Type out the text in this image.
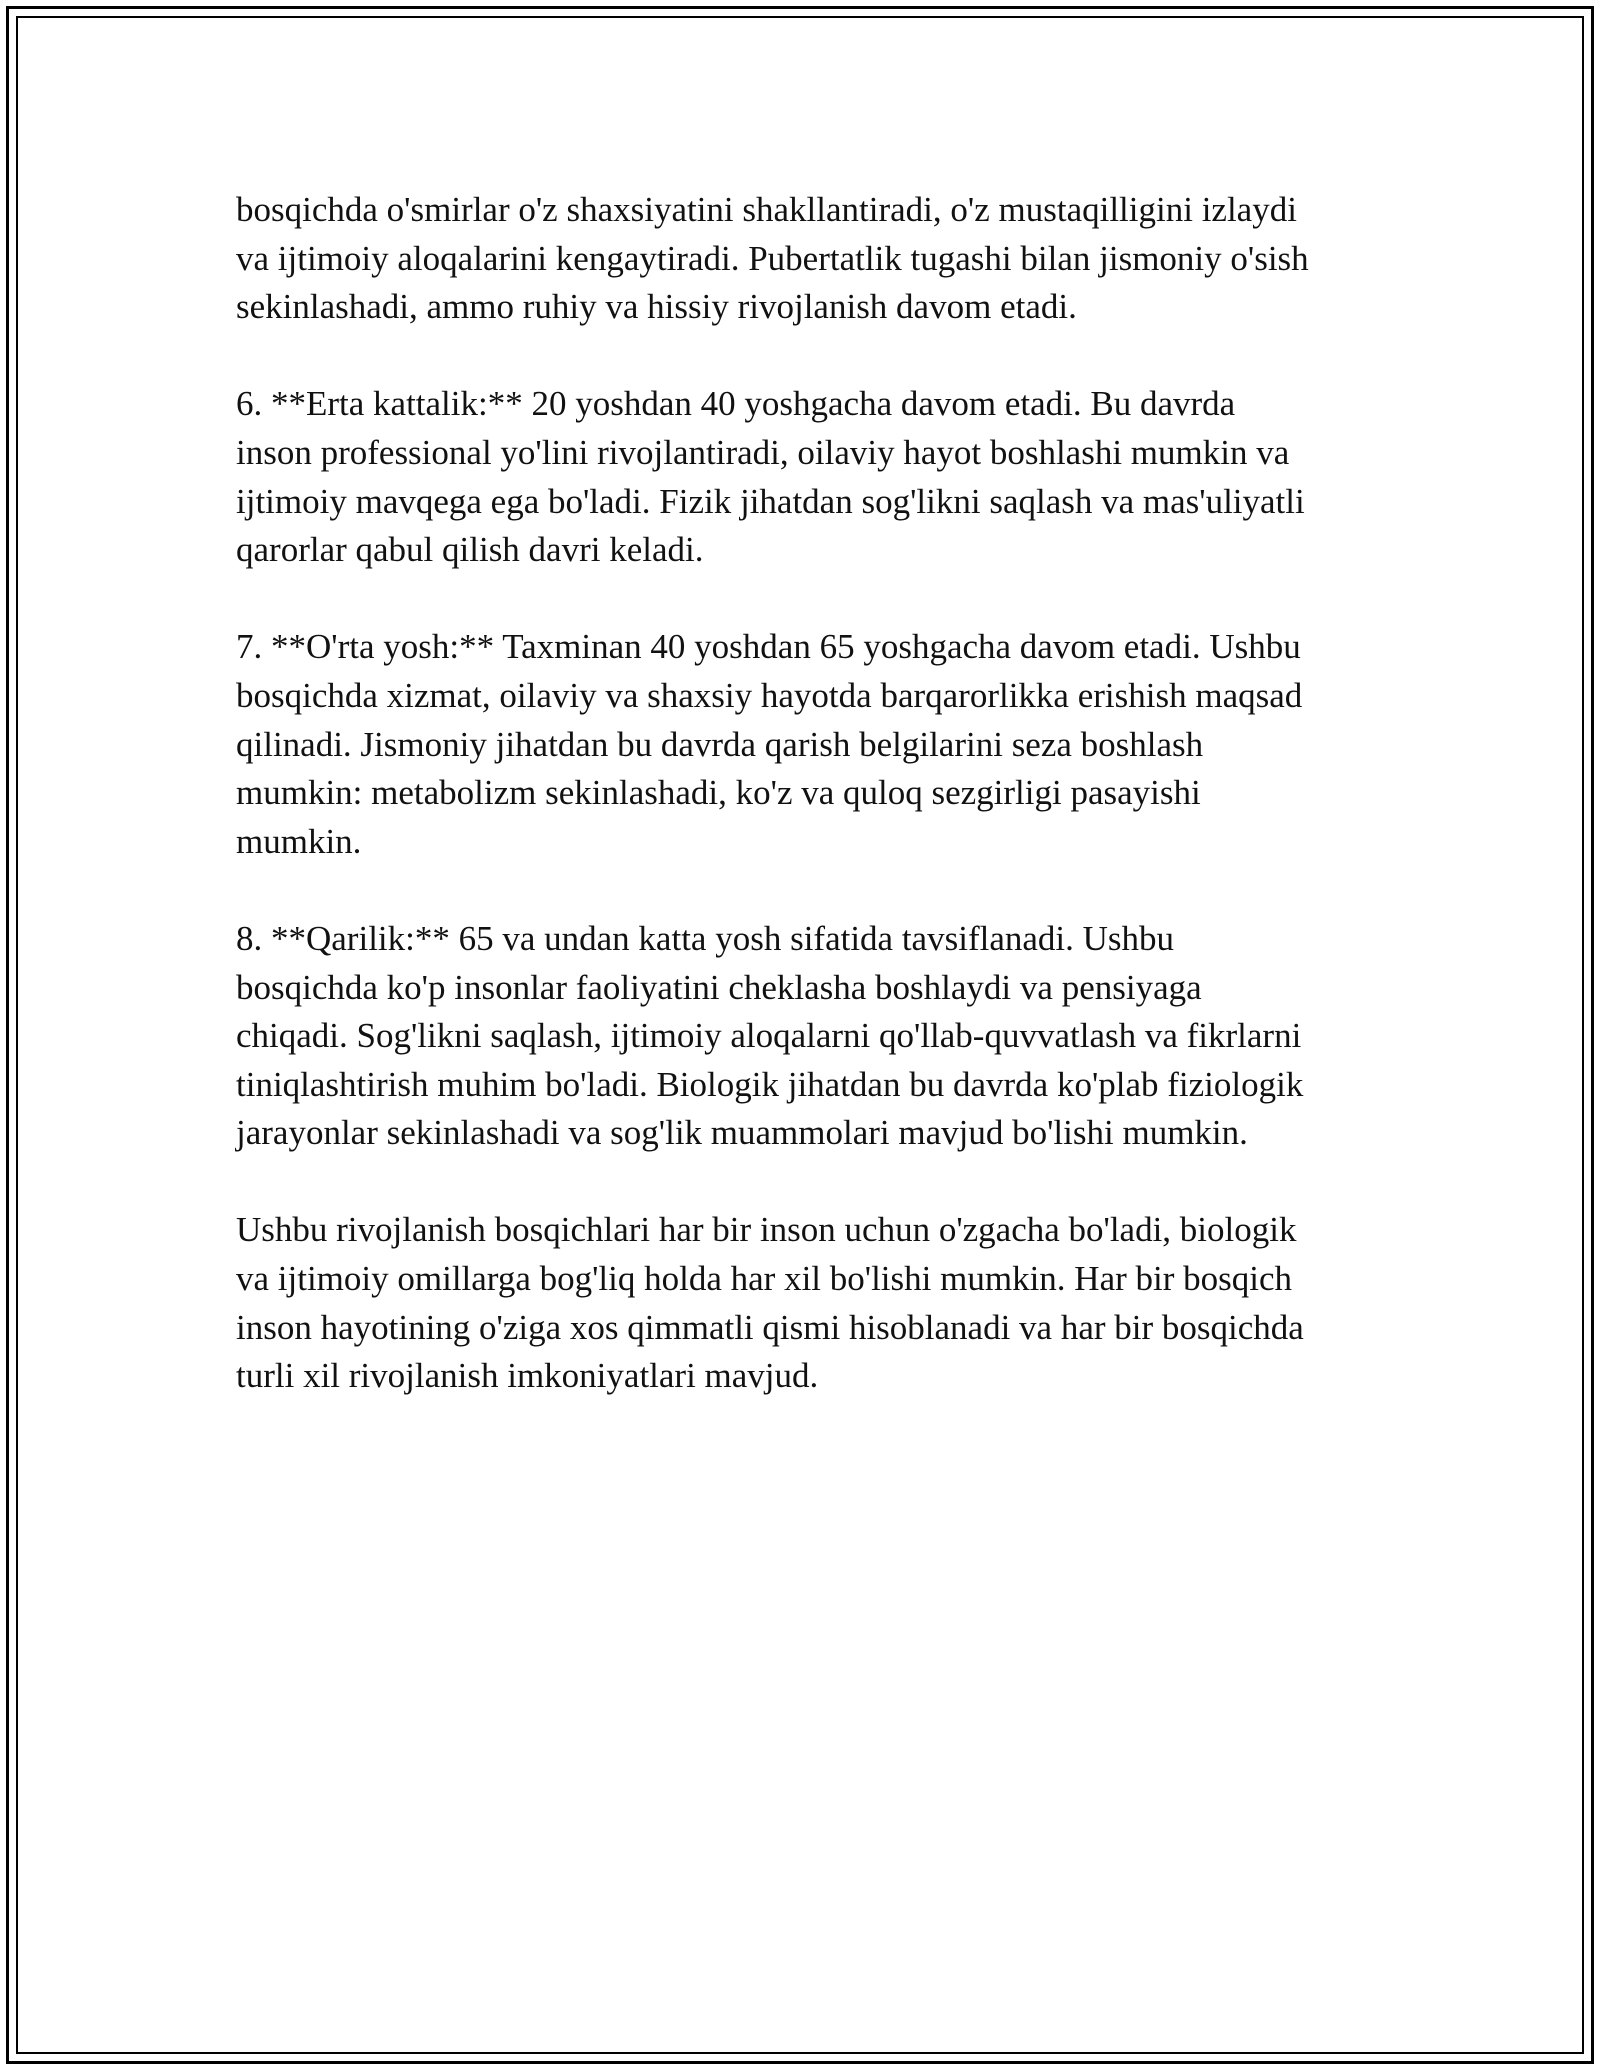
bosqichda o'smirlar o'z shaxsiyatini shakllantiradi, o'z mustaqilligini izlaydi
va ijtimoiy aloqalarini kengaytiradi. Pubertatlik tugashi bilan jismoniy o'sish
sekinlashadi, ammo ruhiy va hissiy rivojlanish davom etadi.

6. **Erta kattalik:** 20 yoshdan 40 yoshgacha davom etadi. Bu davrda
inson professional yo'lini rivojlantiradi, oilaviy hayot boshlashi mumkin va
ijtimoiy mavqega ega bo'ladi. Fizik jihatdan sog'likni saqlash va mas'uliyatli
qarorlar qabul qilish davri keladi.

7. **O'rta yosh:** Taxminan 40 yoshdan 65 yoshgacha davom etadi. Ushbu
bosqichda xizmat, oilaviy va shaxsiy hayotda barqarorlikka erishish maqsad
qilinadi. Jismoniy jihatdan bu davrda qarish belgilarini seza boshlash
mumkin: metabolizm sekinlashadi, ko'z va quloq sezgirligi pasayishi
mumkin.

8. **Qarilik:** 65 va undan katta yosh sifatida tavsiflanadi. Ushbu
bosqichda ko'p insonlar faoliyatini cheklasha boshlaydi va pensiyaga
chiqadi. Sog'likni saqlash, ijtimoiy aloqalarni qo'llab-quvvatlash va fikrlarni
tiniqlashtirish muhim bo'ladi. Biologik jihatdan bu davrda ko'plab fiziologik
jarayonlar sekinlashadi va sog'lik muammolari mavjud bo'lishi mumkin.

Ushbu rivojlanish bosqichlari har bir inson uchun o'zgacha bo'ladi, biologik
va ijtimoiy omillarga bog'liq holda har xil bo'lishi mumkin. Har bir bosqich
inson hayotining o'ziga xos qimmatli qismi hisoblanadi va har bir bosqichda
turli xil rivojlanish imkoniyatlari mavjud.
